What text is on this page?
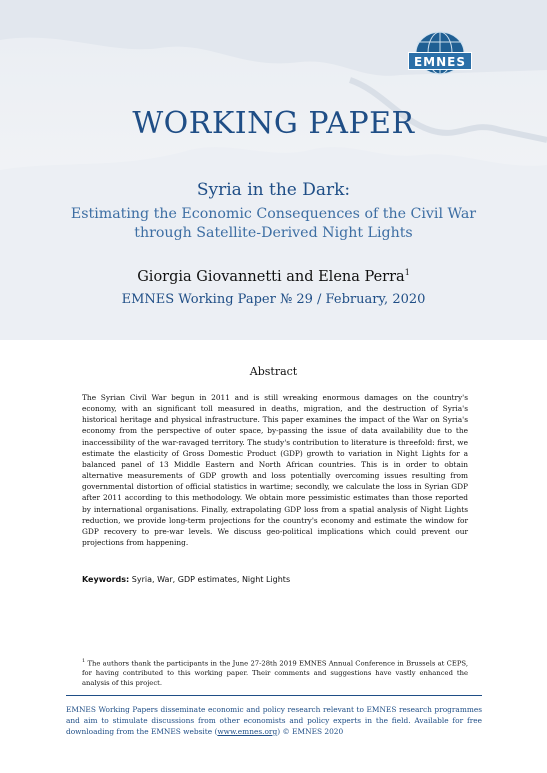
EMNES
WORKING PAPER
Syria in the Dark:
Estimating the Economic Consequences of the Civil War
through Satellite-Derived Night Lights
Giorgia Giovannetti and Elena Perra$^1$
EMNES Working Paper № 29 / February, 2020
Abstract
The Syrian Civil War begun in 2011 and is still wreaking enormous damages on the country's economy, with an significant toll measured in deaths, migration, and the destruction of Syria's historical heritage and physical infrastructure. This paper examines the impact of the War on Syria's economy from the perspective of outer space, by-passing the issue of data availability due to the inaccessibility of the war-ravaged territory. The study's contribution to literature is threefold: first, we estimate the elasticity of Gross Domestic Product (GDP) growth to variation in Night Lights for a balanced panel of 13 Middle Eastern and North African countries. This is in order to obtain alternative measurements of GDP growth and loss potentially overcoming issues resulting from governmental distortion of official statistics in wartime; secondly, we calculate the loss in Syrian GDP after 2011 according to this methodology. We obtain more pessimistic estimates than those reported by international organisations. Finally, extrapolating GDP loss from a spatial analysis of Night Lights reduction, we provide long-term projections for the country's economy and estimate the window for GDP recovery to pre-war levels. We discuss geo-political implications which could prevent our projections from happening.
Keywords: Syria, War, GDP estimates, Night Lights
$^1$ The authors thank the participants in the June 27-28th 2019 EMNES Annual Conference in Brussels at CEPS, for having contributed to this working paper. Their comments and suggestions have vastly enhanced the analysis of this project.
EMNES Working Papers disseminate economic and policy research relevant to EMNES research programmes and aim to stimulate discussions from other economists and policy experts in the field. Available for free downloading from the EMNES website (www.emnes.org) © EMNES 2020
